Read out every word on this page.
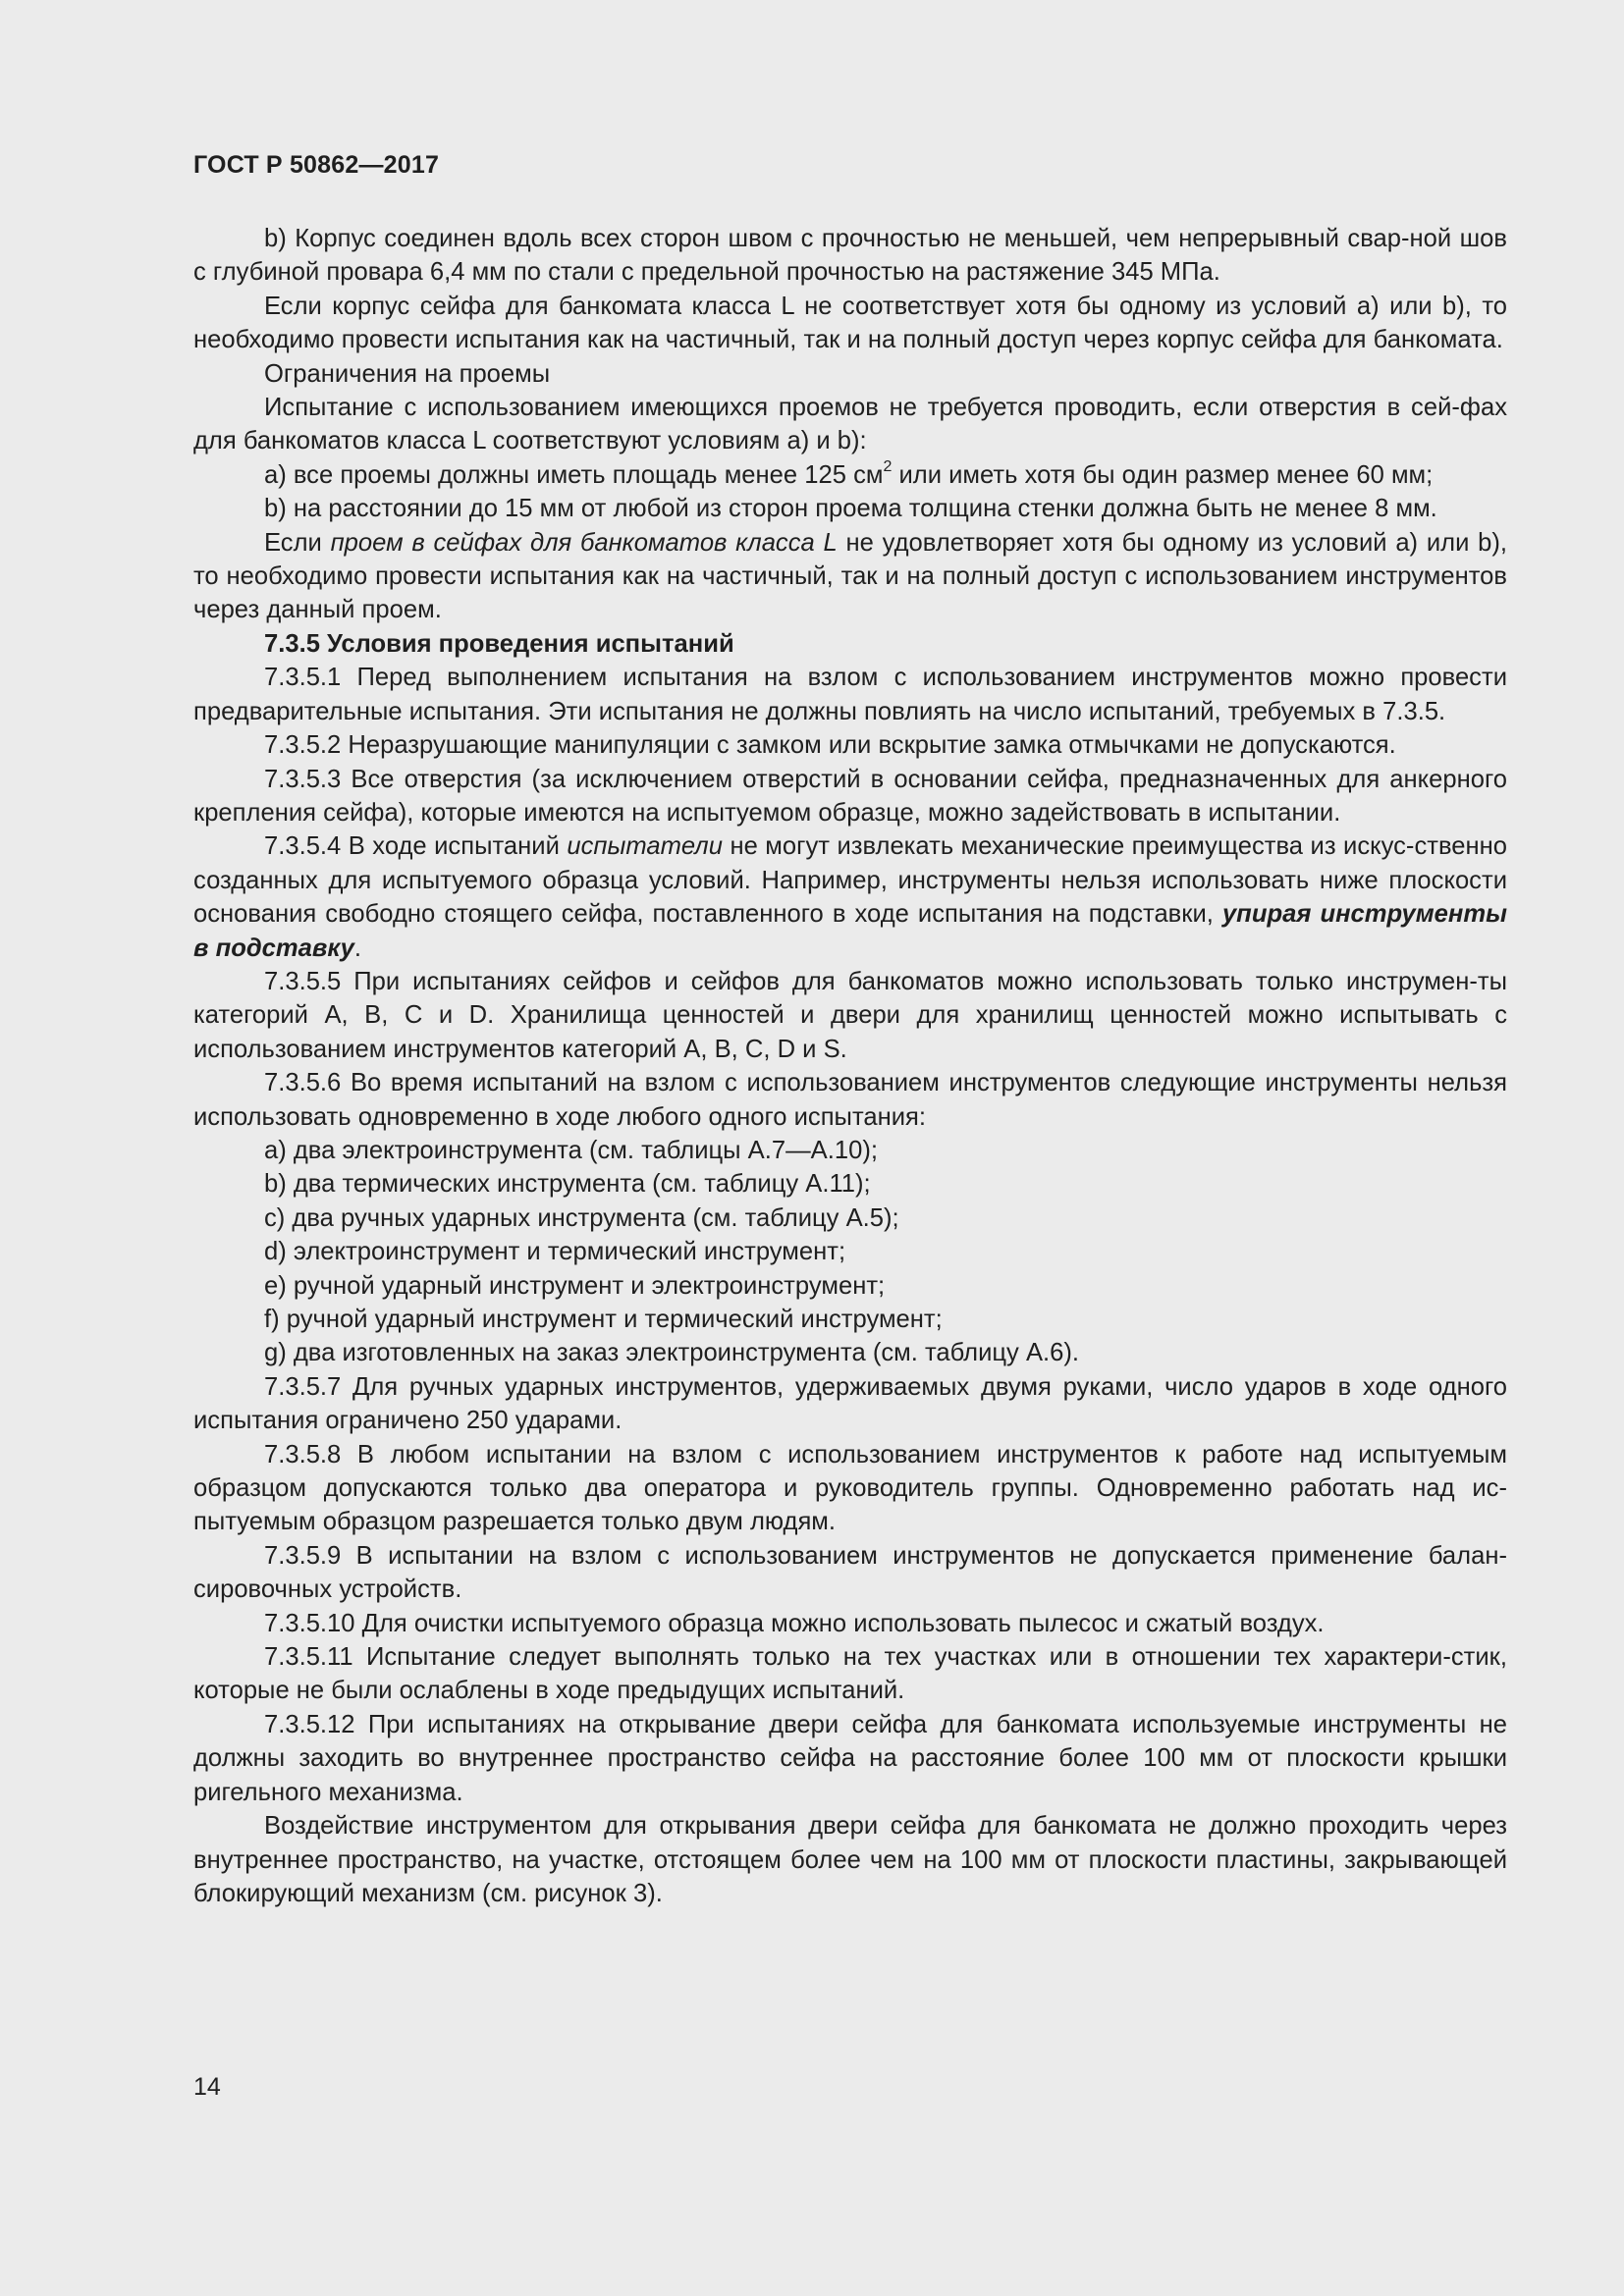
ГОСТ Р 50862—2017

b) Корпус соединен вдоль всех сторон швом с прочностью не меньшей, чем непрерывный свар-ной шов с глубиной провара 6,4 мм по стали с предельной прочностью на растяжение 345 МПа.

Если корпус сейфа для банкомата класса L не соответствует хотя бы одному из условий а) или b), то необходимо провести испытания как на частичный, так и на полный доступ через корпус сейфа для банкомата.

Ограничения на проемы

Испытание с использованием имеющихся проемов не требуется проводить, если отверстия в сей-фах для банкоматов класса L соответствуют условиям а) и b):

a) все проемы должны иметь площадь менее 125 $см^2$ или иметь хотя бы один размер менее 60 мм;

b) на расстоянии до 15 мм от любой из сторон проема толщина стенки должна быть не менее 8 мм.

Если проем в сейфах для банкоматов класса L не удовлетворяет хотя бы одному из условий a) или b), то необходимо провести испытания как на частичный, так и на полный доступ с использованием инструментов через данный проем.

7.3.5 Условия проведения испытаний

7.3.5.1 Перед выполнением испытания на взлом с использованием инструментов можно провести предварительные испытания. Эти испытания не должны повлиять на число испытаний, требуемых в 7.3.5.

7.3.5.2 Неразрушающие манипуляции с замком или вскрытие замка отмычками не допускаются.

7.3.5.3 Все отверстия (за исключением отверстий в основании сейфа, предназначенных для анкерного крепления сейфа), которые имеются на испытуемом образце, можно задействовать в испытании.

7.3.5.4 В ходе испытаний испытатели не могут извлекать механические преимущества из искус-ственно созданных для испытуемого образца условий. Например, инструменты нельзя использовать ниже плоскости основания свободно стоящего сейфа, поставленного в ходе испытания на подставки, упирая инструменты в подставку.

7.3.5.5 При испытаниях сейфов и сейфов для банкоматов можно использовать только инструмен-ты категорий A, B, C и D. Хранилища ценностей и двери для хранилищ ценностей можно испытывать с использованием инструментов категорий A, B, C, D и S.

7.3.5.6 Во время испытаний на взлом с использованием инструментов следующие инструменты нельзя использовать одновременно в ходе любого одного испытания:

a) два электроинструмента (см. таблицы А.7—А.10);

b) два термических инструмента (см. таблицу А.11);

c) два ручных ударных инструмента (см. таблицу А.5);

d) электроинструмент и термический инструмент;

e) ручной ударный инструмент и электроинструмент;

f) ручной ударный инструмент и термический инструмент;

g) два изготовленных на заказ электроинструмента (см. таблицу А.6).

7.3.5.7 Для ручных ударных инструментов, удерживаемых двумя руками, число ударов в ходе одного испытания ограничено 250 ударами.

7.3.5.8 В любом испытании на взлом с использованием инструментов к работе над испытуемым образцом допускаются только два оператора и руководитель группы. Одновременно работать над ис-пытуемым образцом разрешается только двум людям.

7.3.5.9 В испытании на взлом с использованием инструментов не допускается применение балан-сировочных устройств.

7.3.5.10 Для очистки испытуемого образца можно использовать пылесос и сжатый воздух.

7.3.5.11 Испытание следует выполнять только на тех участках или в отношении тех характери-стик, которые не были ослаблены в ходе предыдущих испытаний.

7.3.5.12 При испытаниях на открывание двери сейфа для банкомата используемые инструменты не должны заходить во внутреннее пространство сейфа на расстояние более 100 мм от плоскости крышки ригельного механизма.

Воздействие инструментом для открывания двери сейфа для банкомата не должно проходить через внутреннее пространство, на участке, отстоящем более чем на 100 мм от плоскости пластины, закрывающей блокирующий механизм (см. рисунок 3).

14
